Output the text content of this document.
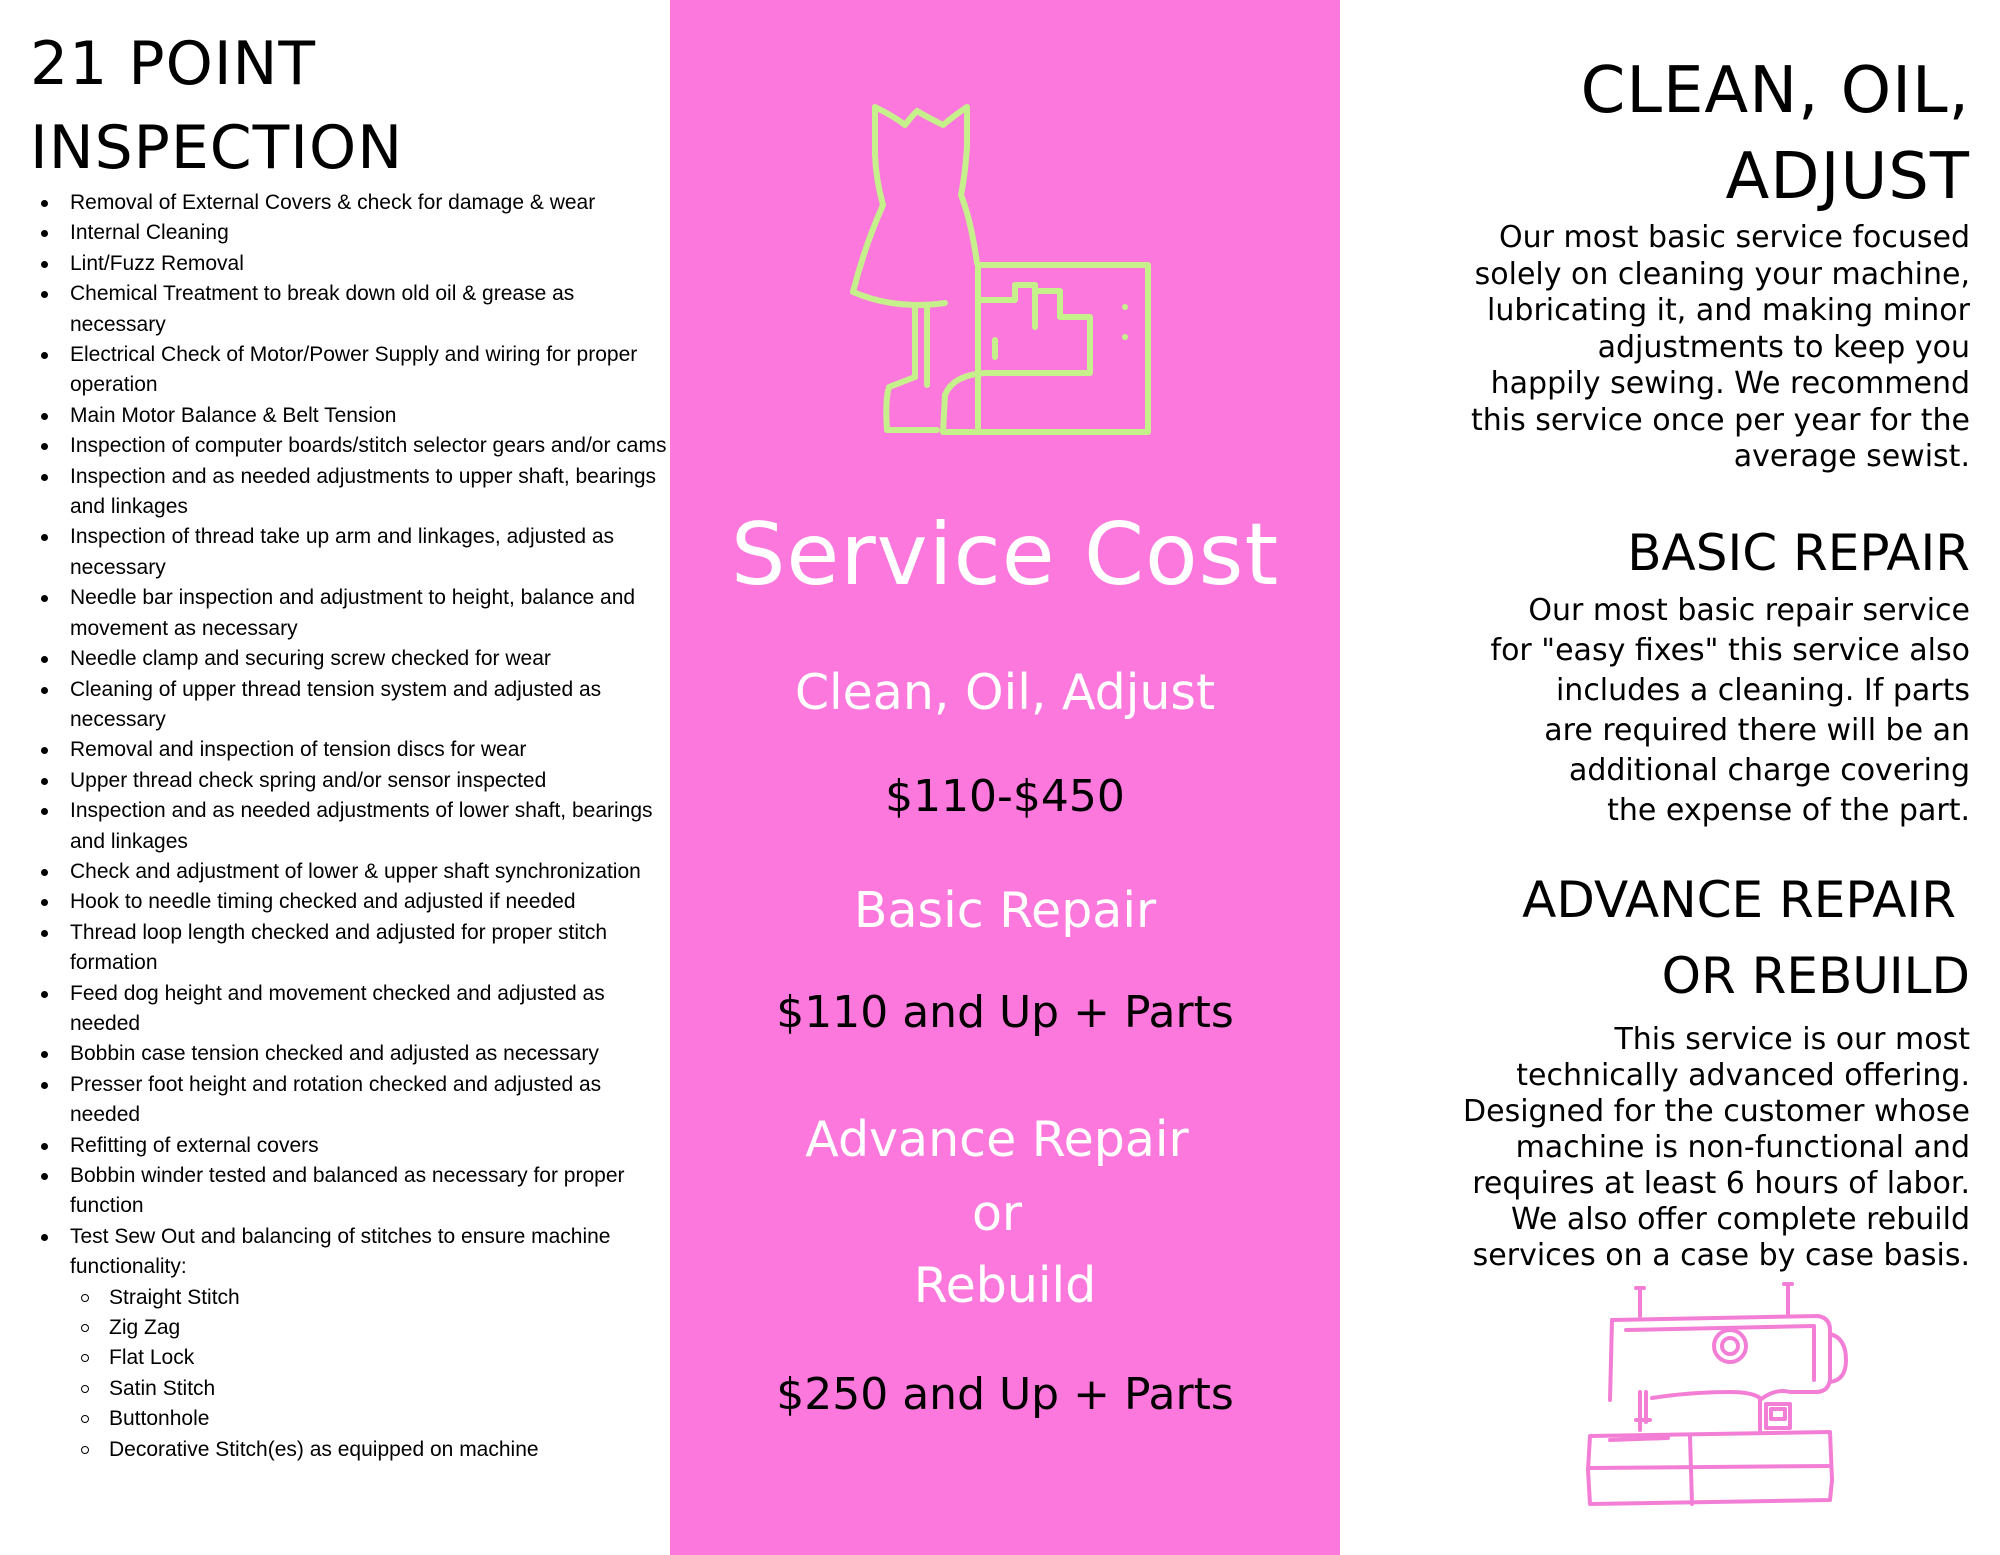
21 POINT
INSPECTION
Removal of External Covers & check for damage & wear
Internal Cleaning
Lint/Fuzz Removal
Chemical Treatment to break down old oil & grease as necessary
Electrical Check of Motor/Power Supply and wiring for proper operation
Main Motor Balance & Belt Tension
Inspection of computer boards/stitch selector gears and/or cams
Inspection and as needed adjustments to upper shaft, bearings and linkages
Inspection of thread take up arm and linkages, adjusted as necessary
Needle bar inspection and adjustment to height, balance and movement as necessary
Needle clamp and securing screw checked for wear
Cleaning of upper thread tension system and adjusted as necessary
Removal and inspection of tension discs for wear
Upper thread check spring and/or sensor inspected
Inspection and as needed adjustments of lower shaft, bearings and linkages
Check and adjustment of lower & upper shaft synchronization
Hook to needle timing checked and adjusted if needed
Thread loop length checked and adjusted for proper stitch formation
Feed dog height and movement checked and adjusted as needed
Bobbin case tension checked and adjusted as necessary
Presser foot height and rotation checked and adjusted as needed
Refitting of external covers
Bobbin winder tested and balanced as necessary for proper function
Test Sew Out and balancing of stitches to ensure machine functionality:
Straight Stitch
Zig Zag
Flat Lock
Satin Stitch
Buttonhole
Decorative Stitch(es) as equipped on machine
Service Cost
Clean, Oil, Adjust
$110-$450
Basic Repair
$110 and Up + Parts
Advance Repair
or
Rebuild
$250 and Up + Parts
CLEAN, OIL,
ADJUST

Our most basic service focused
solely on cleaning your machine,
lubricating it, and making minor
adjustments to keep you
happily sewing. We recommend
this service once per year for the
average sewist.

BASIC REPAIR

Our most basic repair service
for "easy fixes" this service also
includes a cleaning. If parts
are required there will be an
additional charge covering
the expense of the part.

ADVANCE REPAIR
OR REBUILD

This service is our most
technically advanced offering.
Designed for the customer whose
machine is non-functional and
requires at least 6 hours of labor.
We also offer complete rebuild
services on a case by case basis.
